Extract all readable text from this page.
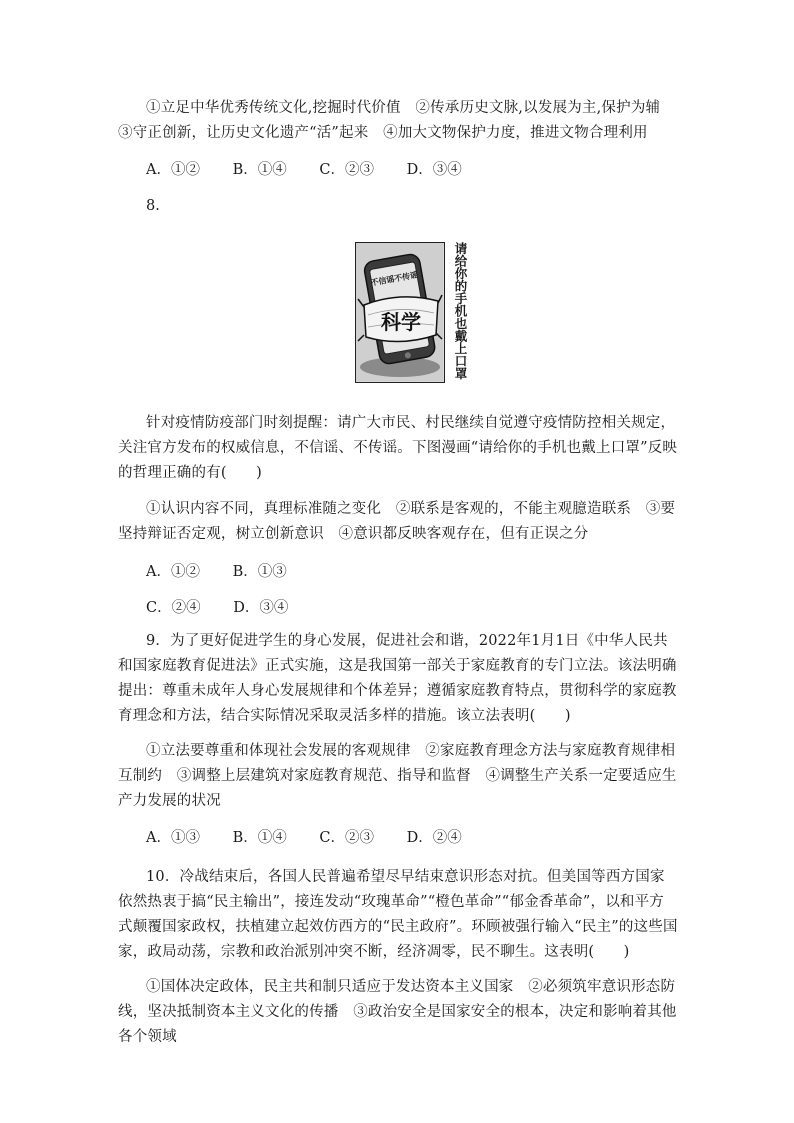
①立足中华优秀传统文化,挖掘时代价值　②传承历史文脉,以发展为主,保护为辅　③守正创新，让历史文化遗产“活”起来　④加大文物保护力度，推进文物合理利用

A．①② B．①④ C．②③ D．③④
8.
不信谣不传谣
科学	请给你的手机也戴上口罩

针对疫情防疫部门时刻提醒：请广大市民、村民继续自觉遵守疫情防控相关规定，关注官方发布的权威信息，不信谣、不传谣。下图漫画“请给你的手机也戴上口罩”反映的哲理正确的有(　　)

①认识内容不同，真理标准随之变化　②联系是客观的，不能主观臆造联系　③要坚持辩证否定观，树立创新意识　④意识都反映客观存在，但有正误之分

A．①② B．①③
C．②④ D．③④

9．为了更好促进学生的身心发展，促进社会和谐，2022年1月1日《中华人民共和国家庭教育促进法》正式实施，这是我国第一部关于家庭教育的专门立法。该法明确提出：尊重未成年人身心发展规律和个体差异；遵循家庭教育特点，贯彻科学的家庭教育理念和方法，结合实际情况采取灵活多样的措施。该立法表明(　　)

①立法要尊重和体现社会发展的客观规律　②家庭教育理念方法与家庭教育规律相互制约　③调整上层建筑对家庭教育规范、指导和监督　④调整生产关系一定要适应生产力发展的状况

A．①③ B．①④ C．②③ D．②④

10．冷战结束后，各国人民普遍希望尽早结束意识形态对抗。但美国等西方国家依然热衷于搞“民主输出”，接连发动“玫瑰革命”“橙色革命”“郁金香革命”，以和平方式颠覆国家政权，扶植建立起效仿西方的“民主政府”。环顾被强行输入“民主”的这些国家，政局动荡，宗教和政治派别冲突不断，经济凋零，民不聊生。这表明(　　)

①国体决定政体，民主共和制只适应于发达资本主义国家　②必须筑牢意识形态防线，坚决抵制资本主义文化的传播　③政治安全是国家安全的根本，决定和影响着其他各个领域
